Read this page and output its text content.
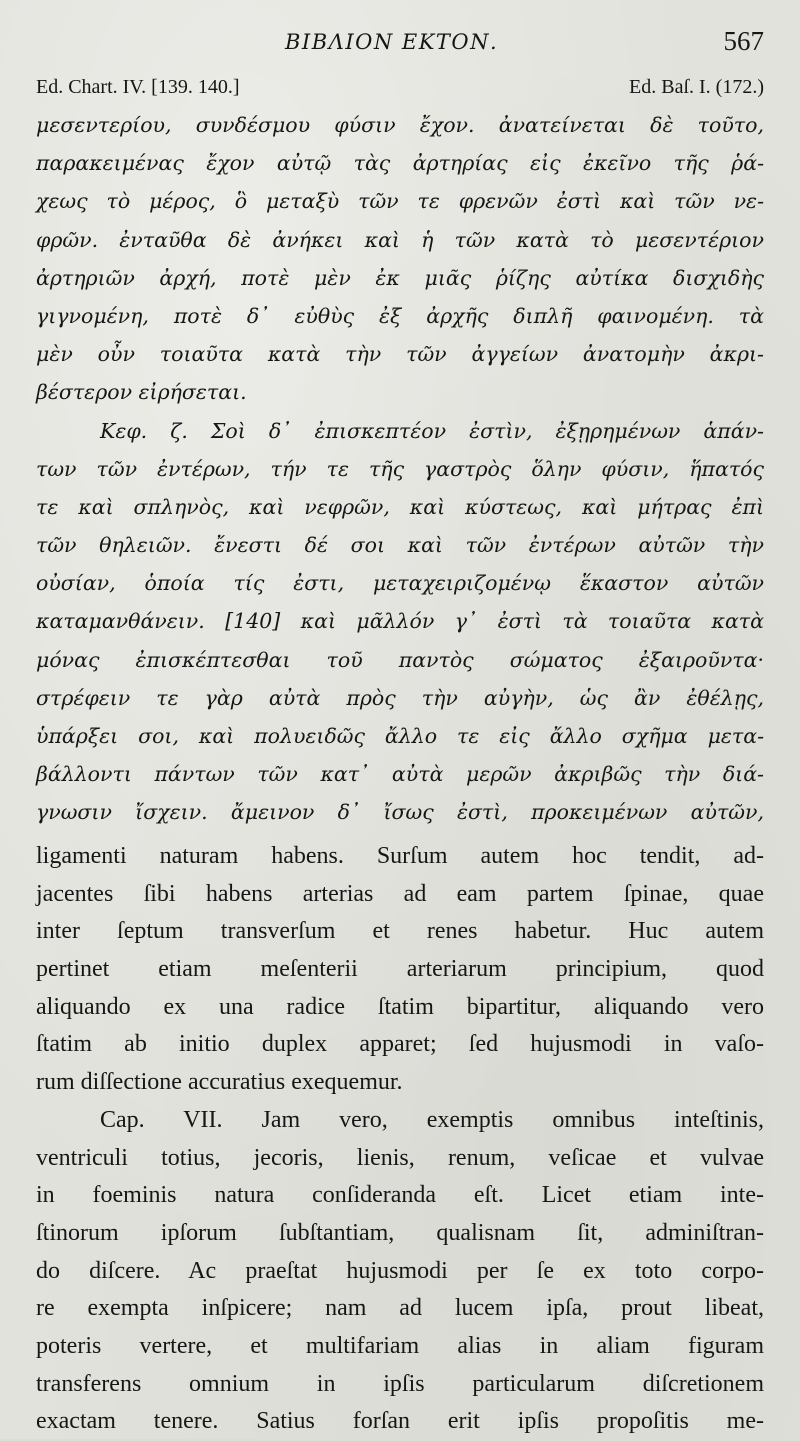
ΒΙΒΛΙΟΝ ΕΚΤΟΝ.	567
Ed. Chart. IV. [139. 140.]	Ed. Baſ. I. (172.)
μεσεντερίου, συνδέσμου φύσιν ἔχον. ἀνατείνεται δὲ τοῦτο,
παρακειμένας ἔχον αὐτῷ τὰς ἀρτηρίας εἰς ἐκεῖνο τῆς ῥά-
χεως τὸ μέρος, ὃ μεταξὺ τῶν τε φρενῶν ἐστὶ καὶ τῶν νε-
φρῶν. ἐνταῦθα δὲ ἀνήκει καὶ ἡ τῶν κατὰ τὸ μεσεντέριον
ἀρτηριῶν ἀρχή, ποτὲ μὲν ἐκ μιᾶς ῥίζης αὐτίκα δισχιδὴς
γιγνομένη, ποτὲ δ᾽ εὐθὺς ἐξ ἀρχῆς διπλῆ φαινομένη. τὰ
μὲν οὖν τοιαῦτα κατὰ τὴν τῶν ἀγγείων ἀνατομὴν ἀκρι-
βέστερον εἰρήσεται.
Κεφ. ζ. Σοὶ δ᾽ ἐπισκεπτέον ἐστὶν, ἐξῃρημένων ἁπάν-
των τῶν ἐντέρων, τήν τε τῆς γαστρὸς ὅλην φύσιν, ἥπατός
τε καὶ σπληνὸς, καὶ νεφρῶν, καὶ κύστεως, καὶ μήτρας ἐπὶ
τῶν θηλειῶν. ἔνεστι δέ σοι καὶ τῶν ἐντέρων αὐτῶν τὴν
οὐσίαν, ὁποία τίς ἐστι, μεταχειριζομένῳ ἕκαστον αὐτῶν
καταμανθάνειν. [140] καὶ μᾶλλόν γ᾽ ἐστὶ τὰ τοιαῦτα κατὰ
μόνας ἐπισκέπτεσθαι τοῦ παντὸς σώματος ἐξαιροῦντα·
στρέφειν τε γὰρ αὐτὰ πρὸς τὴν αὐγὴν, ὡς ἂν ἐθέλῃς,
ὑπάρξει σοι, καὶ πολυειδῶς ἄλλο τε εἰς ἄλλο σχῆμα μετα-
βάλλοντι πάντων τῶν κατ᾽ αὐτὰ μερῶν ἀκριβῶς τὴν διά-
γνωσιν ἴσχειν. ἄμεινον δ᾽ ἴσως ἐστὶ, προκειμένων αὐτῶν,
ligamenti naturam habens. Surſum autem hoc tendit, ad-
jacentes ſibi habens arterias ad eam partem ſpinae, quae
inter ſeptum transverſum et renes habetur. Huc autem
pertinet etiam meſenterii arteriarum principium, quod
aliquando ex una radice ſtatim bipartitur, aliquando vero
ſtatim ab initio duplex apparet; ſed hujusmodi in vaſo-
rum diſſectione accuratius exequemur.
Cap. VII. Jam vero, exemptis omnibus inteſtinis,
ventriculi totius, jecoris, lienis, renum, veſicae et vulvae
in foeminis natura conſideranda eſt. Licet etiam inte-
ſtinorum ipſorum ſubſtantiam, qualisnam ſit, adminiſtran-
do diſcere. Ac praeſtat hujusmodi per ſe ex toto corpo-
re exempta inſpicere; nam ad lucem ipſa, prout libeat,
poteris vertere, et multifariam alias in aliam figuram
transferens omnium in ipſis particularum diſcretionem
exactam tenere. Satius forſan erit ipſis propoſitis me-
